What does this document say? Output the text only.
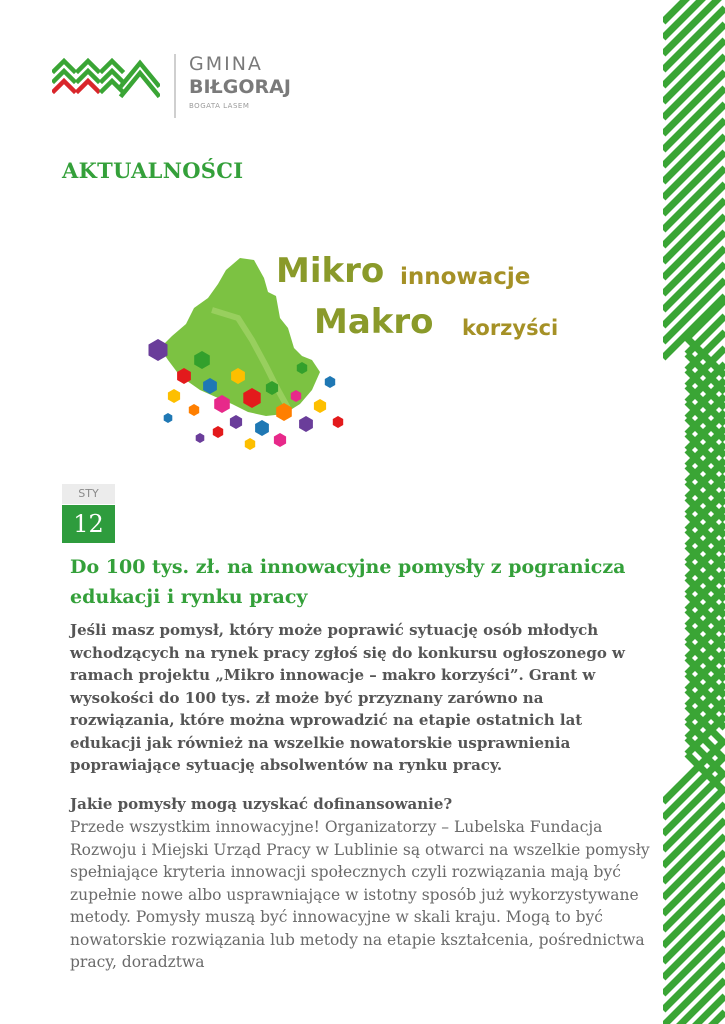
GMINA
BIŁGORAJ
BOGATA LASEM
AKTUALNOŚCI
Mikro innowacje
Makro korzyści
STY
12
Do 100 tys. zł. na innowacyjne pomysły z pogranicza edukacji i rynku pracy

Jeśli masz pomysł, który może poprawić sytuację osób młodych wchodzących na rynek pracy zgłoś się do konkursu ogłoszonego w ramach projektu „Mikro innowacje – makro korzyści”. Grant w wysokości do 100 tys. zł może być przyznany zarówno na rozwiązania, które można wprowadzić na etapie ostatnich lat edukacji jak również na wszelkie nowatorskie usprawnienia poprawiające sytuację absolwentów na rynku pracy.

Jakie pomysły mogą uzyskać dofinansowanie?

Przede wszystkim innowacyjne! Organizatorzy – Lubelska Fundacja Rozwoju i Miejski Urząd Pracy w Lublinie są otwarci na wszelkie pomysły spełniające kryteria innowacji społecznych czyli rozwiązania mają być zupełnie nowe albo usprawniające w istotny sposób już wykorzystywane metody. Pomysły muszą być innowacyjne w skali kraju. Mogą to być nowatorskie rozwiązania lub metody na etapie kształcenia, pośrednictwa pracy, doradztwa
